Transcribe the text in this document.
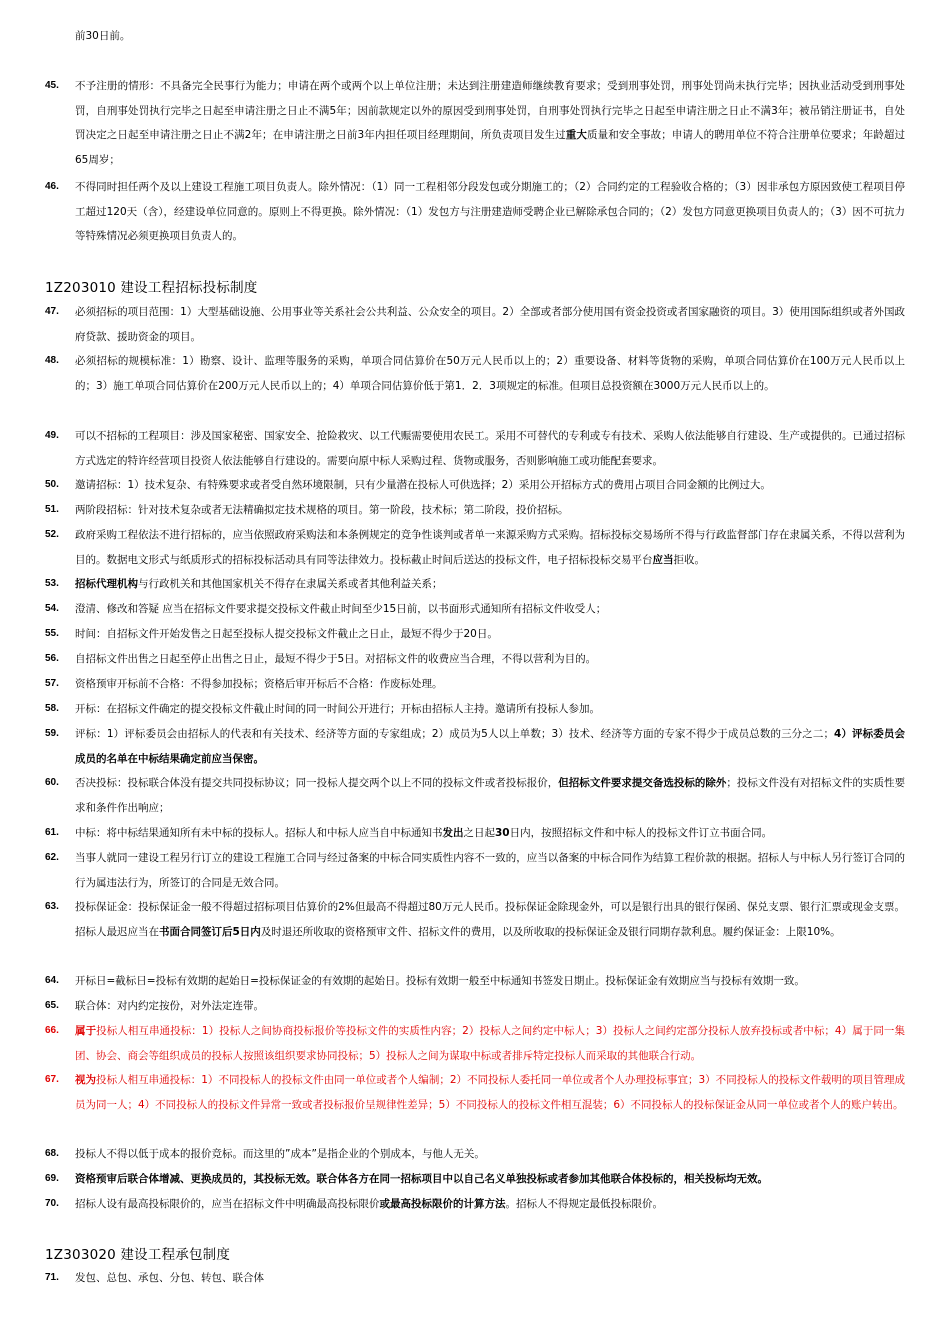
前30日前。
45. 不予注册的情形：不具备完全民事行为能力；申请在两个或两个以上单位注册；未达到注册建造师继续教育要求；受到刑事处罚，刑事处罚尚未执行完毕；因执业活动受到刑事处罚，自刑事处罚执行完毕之日起至申请注册之日止不满5年；因前款规定以外的原因受到刑事处罚，自刑事处罚执行完毕之日起至申请注册之日止不满3年；被吊销注册证书，自处罚决定之日起至申请注册之日止不满2年；在申请注册之日前3年内担任项目经理期间，所负责项目发生过重大质量和安全事故；申请人的聘用单位不符合注册单位要求；年龄超过65周岁；
46. 不得同时担任两个及以上建设工程施工项目负责人。除外情况：（1）同一工程相邻分段发包或分期施工的；（2）合同约定的工程验收合格的；（3）因非承包方原因致使工程项目停工超过120天（含），经建设单位同意的。原则上不得更换。除外情况：（1）发包方与注册建造师受聘企业已解除承包合同的；（2）发包方同意更换项目负责人的；（3）因不可抗力等特殊情况必须更换项目负责人的。
47. 必须招标的项目范围：1）大型基础设施、公用事业等关系社会公共利益、公众安全的项目。2）全部或者部分使用国有资金投资或者国家融资的项目。3）使用国际组织或者外国政府贷款、援助资金的项目。
48. 必须招标的规模标准：1）勘察、设计、监理等服务的采购，单项合同估算价在50万元人民币以上的；2）重要设备、材料等货物的采购，单项合同估算价在100万元人民币以上的；3）施工单项合同估算价在200万元人民币以上的；4）单项合同估算价低于第1．2．3项规定的标准。但项目总投资额在3000万元人民币以上的。
49. 可以不招标的工程项目：涉及国家秘密、国家安全、抢险救灾、以工代赈需要使用农民工。采用不可替代的专利或专有技术、采购人依法能够自行建设、生产或提供的。已通过招标方式选定的特许经营项目投资人依法能够自行建设的。需要向原中标人采购过程、货物或服务，否则影响施工或功能配套要求。
50. 邀请招标：1）技术复杂、有特殊要求或者受自然环境限制，只有少量潜在投标人可供选择；2）采用公开招标方式的费用占项目合同金额的比例过大。
51. 两阶段招标：针对技术复杂或者无法精确拟定技术规格的项目。第一阶段，技术标；第二阶段，投价招标。
52. 政府采购工程依法不进行招标的，应当依照政府采购法和本条例规定的竞争性谈判或者单一来源采购方式采购。招标投标交易场所不得与行政监督部门存在隶属关系，不得以营利为目的。数据电文形式与纸质形式的招标投标活动具有同等法律效力。投标截止时间后送达的投标文件，电子招标投标交易平台应当拒收。
53. 招标代理机构与行政机关和其他国家机关不得存在隶属关系或者其他利益关系；
54. 澄清、修改和答疑 应当在招标文件要求提交投标文件截止时间至少15日前，以书面形式通知所有招标文件收受人；
55. 时间：自招标文件开始发售之日起至投标人提交投标文件截止之日止，最短不得少于20日。
56. 自招标文件出售之日起至停止出售之日止，最短不得少于5日。对招标文件的收费应当合理，不得以营利为目的。
57. 资格预审开标前不合格：不得参加投标；资格后审开标后不合格：作废标处理。
58. 开标：在招标文件确定的提交投标文件截止时间的同一时间公开进行；开标由招标人主持。邀请所有投标人参加。
59. 评标：1）评标委员会由招标人的代表和有关技术、经济等方面的专家组成；2）成员为5人以上单数；3）技术、经济等方面的专家不得少于成员总数的三分之二；4）评标委员会成员的名单在中标结果确定前应当保密。
60. 否决投标：投标联合体没有提交共同投标协议；同一投标人提交两个以上不同的投标文件或者投标报价，但招标文件要求提交备选投标的除外；投标文件没有对招标文件的实质性要求和条件作出响应；
61. 中标：将中标结果通知所有未中标的投标人。招标人和中标人应当自中标通知书发出之日起30日内，按照招标文件和中标人的投标文件订立书面合同。
62. 当事人就同一建设工程另行订立的建设工程施工合同与经过备案的中标合同实质性内容不一致的，应当以备案的中标合同作为结算工程价款的根据。招标人与中标人另行签订合同的行为属违法行为，所签订的合同是无效合同。
63. 投标保证金：投标保证金一般不得超过招标项目估算价的2%但最高不得超过80万元人民币。投标保证金除现金外，可以是银行出具的银行保函、保兑支票、银行汇票或现金支票。招标人最迟应当在书面合同签订后5日内及时退还所收取的资格预审文件、招标文件的费用，以及所收取的投标保证金及银行同期存款利息。履约保证金：上限10%。
64. 开标日=截标日=投标有效期的起始日=投标保证金的有效期的起始日。投标有效期一般至中标通知书签发日期止。投标保证金有效期应当与投标有效期一致。
65. 联合体：对内约定按份，对外法定连带。
66. 属于投标人相互串通投标：1）投标人之间协商投标报价等投标文件的实质性内容；2）投标人之间约定中标人；3）投标人之间约定部分投标人放弃投标或者中标；4）属于同一集团、协会、商会等组织成员的投标人按照该组织要求协同投标；5）投标人之间为谋取中标或者排斥特定投标人而采取的其他联合行动。
67. 视为投标人相互串通投标：1）不同投标人的投标文件由同一单位或者个人编制；2）不同投标人委托同一单位或者个人办理投标事宜；3）不同投标人的投标文件载明的项目管理成员为同一人；4）不同投标人的投标文件异常一致或者投标报价呈规律性差异；5）不同投标人的投标文件相互混装；6）不同投标人的投标保证金从同一单位或者个人的账户转出。
68. 投标人不得以低于成本的报价竞标。而这里的”成本”是指企业的个别成本，与他人无关。
69. 资格预审后联合体增减、更换成员的，其投标无效。联合体各方在同一招标项目中以自己名义单独投标或者参加其他联合体投标的，相关投标均无效。
70. 招标人设有最高投标限价的，应当在招标文件中明确最高投标限价或最高投标限价的计算方法。招标人不得规定最低投标限价。
71. 发包、总包、承包、分包、转包、联合体
1Z203010 建设工程招标投标制度
1Z303020 建设工程承包制度
